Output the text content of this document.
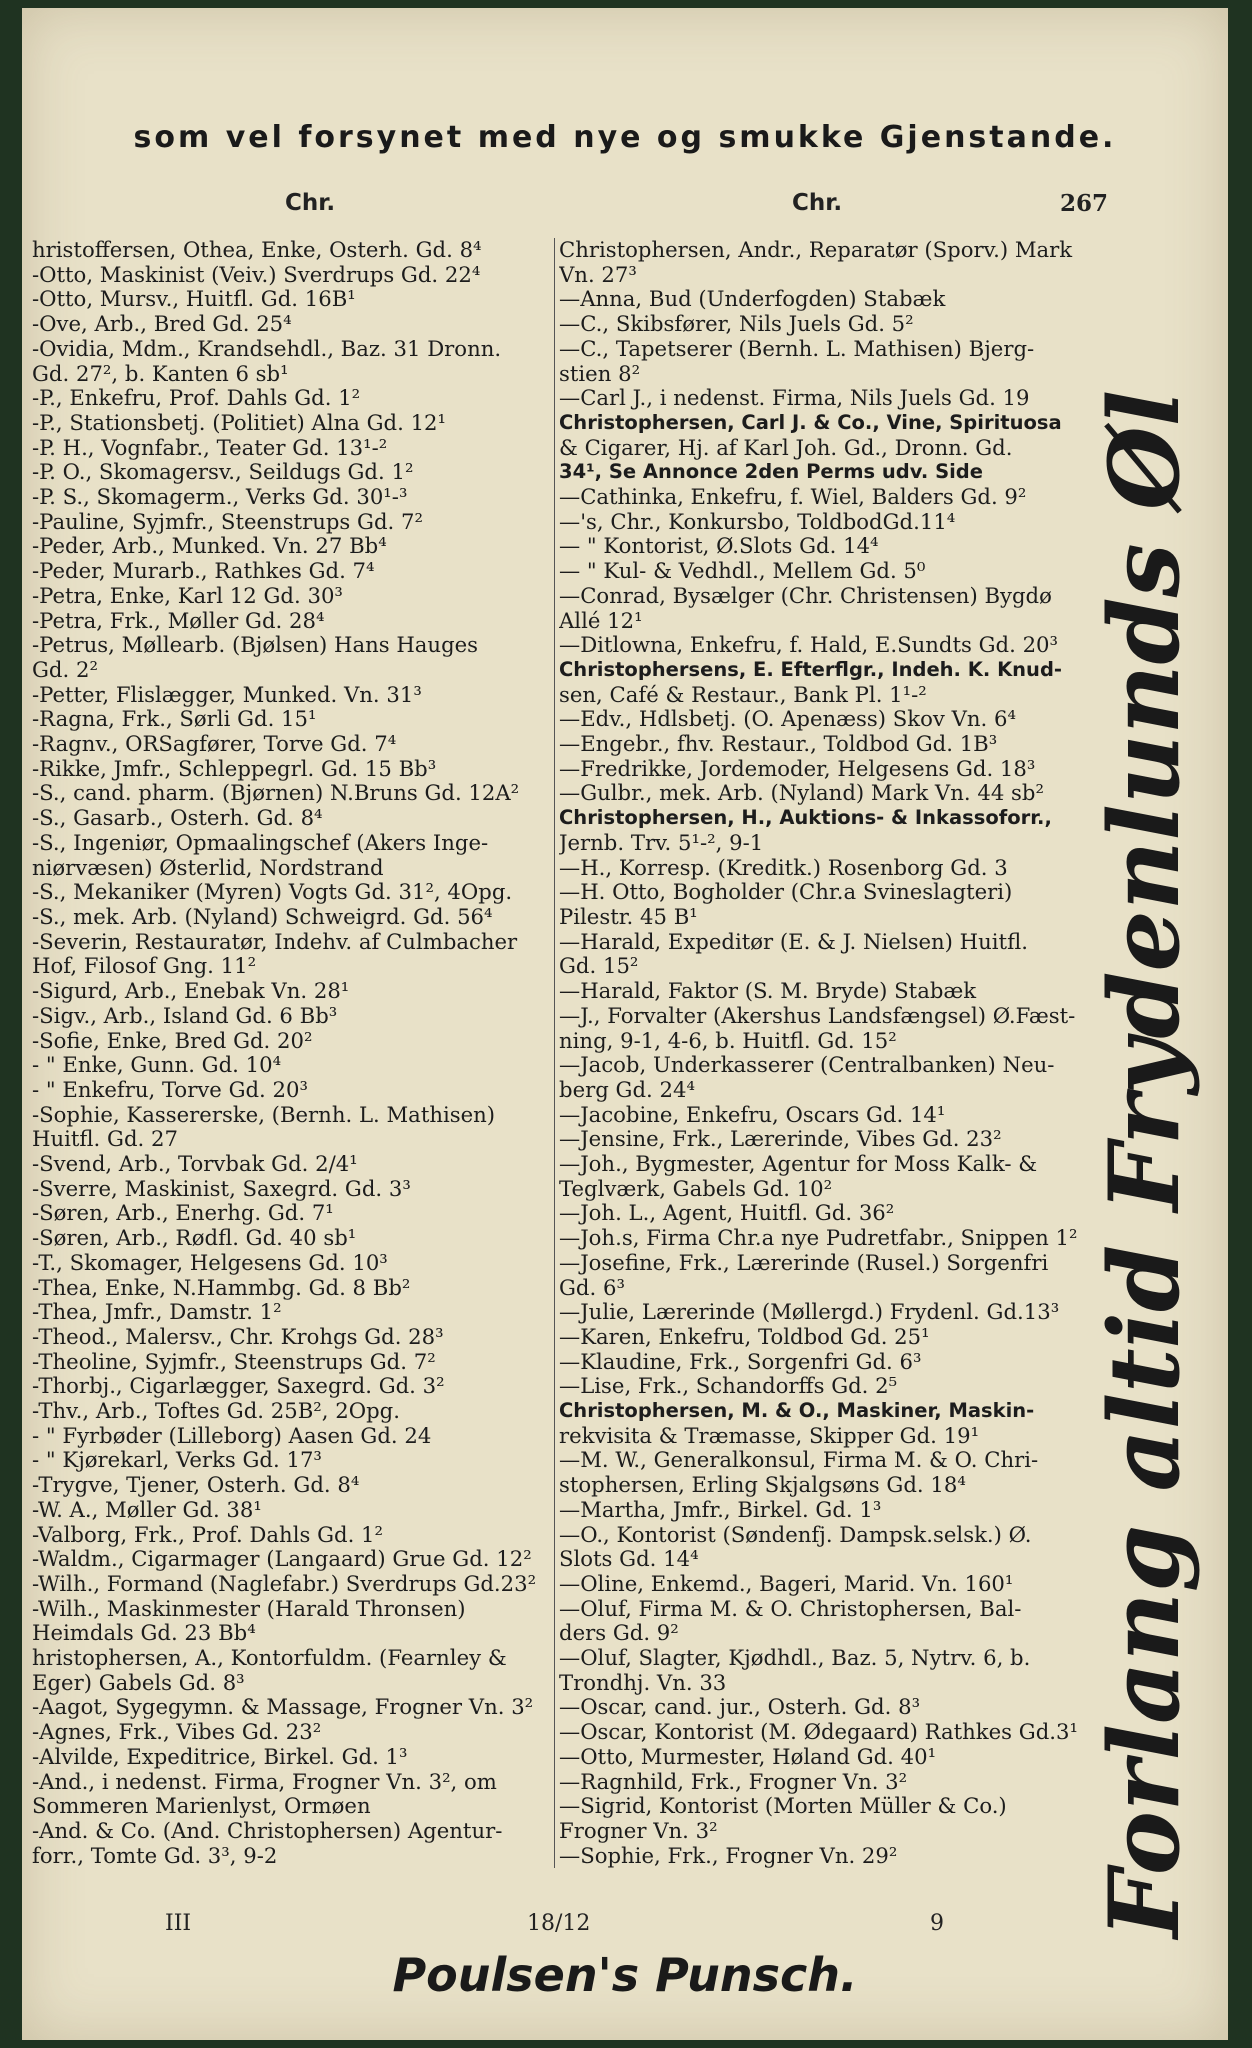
som vel forsynet med nye og smukke Gjenstande.
Chr.	Chr.	267
hristoffersen, Othea, Enke, Osterh. Gd. 8⁴
-Otto, Maskinist (Veiv.) Sverdrups Gd. 22⁴
-Otto, Mursv., Huitfl. Gd. 16B¹
-Ove, Arb., Bred Gd. 25⁴
-Ovidia, Mdm., Krandsehdl., Baz. 31 Dronn.
Gd. 27², b. Kanten 6 sb¹
-P., Enkefru, Prof. Dahls Gd. 1²
-P., Stationsbetj. (Politiet) Alna Gd. 12¹
-P. H., Vognfabr., Teater Gd. 13¹-²
-P. O., Skomagersv., Seildugs Gd. 1²
-P. S., Skomagerm., Verks Gd. 30¹-³
-Pauline, Syjmfr., Steenstrups Gd. 7²
-Peder, Arb., Munked. Vn. 27 Bb⁴
-Peder, Murarb., Rathkes Gd. 7⁴
-Petra, Enke, Karl 12 Gd. 30³
-Petra, Frk., Møller Gd. 28⁴
-Petrus, Møllearb. (Bjølsen) Hans Hauges
Gd. 2²
-Petter, Flislægger, Munked. Vn. 31³
-Ragna, Frk., Sørli Gd. 15¹
-Ragnv., ORSagfører, Torve Gd. 7⁴
-Rikke, Jmfr., Schleppegrl. Gd. 15 Bb³
-S., cand. pharm. (Bjørnen) N.Bruns Gd. 12A²
-S., Gasarb., Osterh. Gd. 8⁴
-S., Ingeniør, Opmaalingschef (Akers Inge-
niørvæsen) Østerlid, Nordstrand
-S., Mekaniker (Myren) Vogts Gd. 31², 4Opg.
-S., mek. Arb. (Nyland) Schweigrd. Gd. 56⁴
-Severin, Restauratør, Indehv. af Culmbacher
Hof, Filosof Gng. 11²
-Sigurd, Arb., Enebak Vn. 28¹
-Sigv., Arb., Island Gd. 6 Bb³
-Sofie, Enke, Bred Gd. 20²
- " Enke, Gunn. Gd. 10⁴
- " Enkefru, Torve Gd. 20³
-Sophie, Kassererske, (Bernh. L. Mathisen)
Huitfl. Gd. 27
-Svend, Arb., Torvbak Gd. 2/4¹
-Sverre, Maskinist, Saxegrd. Gd. 3³
-Søren, Arb., Enerhg. Gd. 7¹
-Søren, Arb., Rødfl. Gd. 40 sb¹
-T., Skomager, Helgesens Gd. 10³
-Thea, Enke, N.Hammbg. Gd. 8 Bb²
-Thea, Jmfr., Damstr. 1²
-Theod., Malersv., Chr. Krohgs Gd. 28³
-Theoline, Syjmfr., Steenstrups Gd. 7²
-Thorbj., Cigarlægger, Saxegrd. Gd. 3²
-Thv., Arb., Toftes Gd. 25B², 2Opg.
- " Fyrbøder (Lilleborg) Aasen Gd. 24
- " Kjørekarl, Verks Gd. 17³
-Trygve, Tjener, Osterh. Gd. 8⁴
-W. A., Møller Gd. 38¹
-Valborg, Frk., Prof. Dahls Gd. 1²
-Waldm., Cigarmager (Langaard) Grue Gd. 12²
-Wilh., Formand (Naglefabr.) Sverdrups Gd.23²
-Wilh., Maskinmester (Harald Thronsen)
Heimdals Gd. 23 Bb⁴
hristophersen, A., Kontorfuldm. (Fearnley &
Eger) Gabels Gd. 8³
-Aagot, Sygegymn. & Massage, Frogner Vn. 3²
-Agnes, Frk., Vibes Gd. 23²
-Alvilde, Expeditrice, Birkel. Gd. 1³
-And., i nedenst. Firma, Frogner Vn. 3², om
Sommeren Marienlyst, Ormøen
-And. & Co. (And. Christophersen) Agentur-
forr., Tomte Gd. 3³, 9-2
Christophersen, Andr., Reparatør (Sporv.) Mark
Vn. 27³
—Anna, Bud (Underfogden) Stabæk
—C., Skibsfører, Nils Juels Gd. 5²
—C., Tapetserer (Bernh. L. Mathisen) Bjerg-
stien 8²
—Carl J., i nedenst. Firma, Nils Juels Gd. 19
Christophersen, Carl J. & Co., Vine, Spirituosa
& Cigarer, Hj. af Karl Joh. Gd., Dronn. Gd.
34¹, Se Annonce 2den Perms udv. Side
—Cathinka, Enkefru, f. Wiel, Balders Gd. 9²
—'s, Chr., Konkursbo, ToldbodGd.11⁴
— " Kontorist, Ø.Slots Gd. 14⁴
— " Kul- & Vedhdl., Mellem Gd. 5⁰
—Conrad, Bysælger (Chr. Christensen) Bygdø
Allé 12¹
—Ditlowna, Enkefru, f. Hald, E.Sundts Gd. 20³
Christophersens, E. Efterflgr., Indeh. K. Knud-
sen, Café & Restaur., Bank Pl. 1¹-²
—Edv., Hdlsbetj. (O. Apenæss) Skov Vn. 6⁴
—Engebr., fhv. Restaur., Toldbod Gd. 1B³
—Fredrikke, Jordemoder, Helgesens Gd. 18³
—Gulbr., mek. Arb. (Nyland) Mark Vn. 44 sb²
Christophersen, H., Auktions- & Inkassoforr.,
Jernb. Trv. 5¹-², 9-1
—H., Korresp. (Kreditk.) Rosenborg Gd. 3
—H. Otto, Bogholder (Chr.a Svineslagteri)
Pilestr. 45 B¹
—Harald, Expeditør (E. & J. Nielsen) Huitfl.
Gd. 15²
—Harald, Faktor (S. M. Bryde) Stabæk
—J., Forvalter (Akershus Landsfængsel) Ø.Fæst-
ning, 9-1, 4-6, b. Huitfl. Gd. 15²
—Jacob, Underkasserer (Centralbanken) Neu-
berg Gd. 24⁴
—Jacobine, Enkefru, Oscars Gd. 14¹
—Jensine, Frk., Lærerinde, Vibes Gd. 23²
—Joh., Bygmester, Agentur for Moss Kalk- &
Teglværk, Gabels Gd. 10²
—Joh. L., Agent, Huitfl. Gd. 36²
—Joh.s, Firma Chr.a nye Pudretfabr., Snippen 1²
—Josefine, Frk., Lærerinde (Rusel.) Sorgenfri
Gd. 6³
—Julie, Lærerinde (Møllergd.) Frydenl. Gd.13³
—Karen, Enkefru, Toldbod Gd. 25¹
—Klaudine, Frk., Sorgenfri Gd. 6³
—Lise, Frk., Schandorffs Gd. 2⁵
Christophersen, M. & O., Maskiner, Maskin-
rekvisita & Træmasse, Skipper Gd. 19¹
—M. W., Generalkonsul, Firma M. & O. Chri-
stophersen, Erling Skjalgsøns Gd. 18⁴
—Martha, Jmfr., Birkel. Gd. 1³
—O., Kontorist (Søndenfj. Dampsk.selsk.) Ø.
Slots Gd. 14⁴
—Oline, Enkemd., Bageri, Marid. Vn. 160¹
—Oluf, Firma M. & O. Christophersen, Bal-
ders Gd. 9²
—Oluf, Slagter, Kjødhdl., Baz. 5, Nytrv. 6, b.
Trondhj. Vn. 33
—Oscar, cand. jur., Osterh. Gd. 8³
—Oscar, Kontorist (M. Ødegaard) Rathkes Gd.3¹
—Otto, Murmester, Høland Gd. 40¹
—Ragnhild, Frk., Frogner Vn. 3²
—Sigrid, Kontorist (Morten Müller & Co.)
Frogner Vn. 3²
—Sophie, Frk., Frogner Vn. 29²	Forlang altid Frydenlunds Øl
III	18/12	9
Poulsen's Punsch.
